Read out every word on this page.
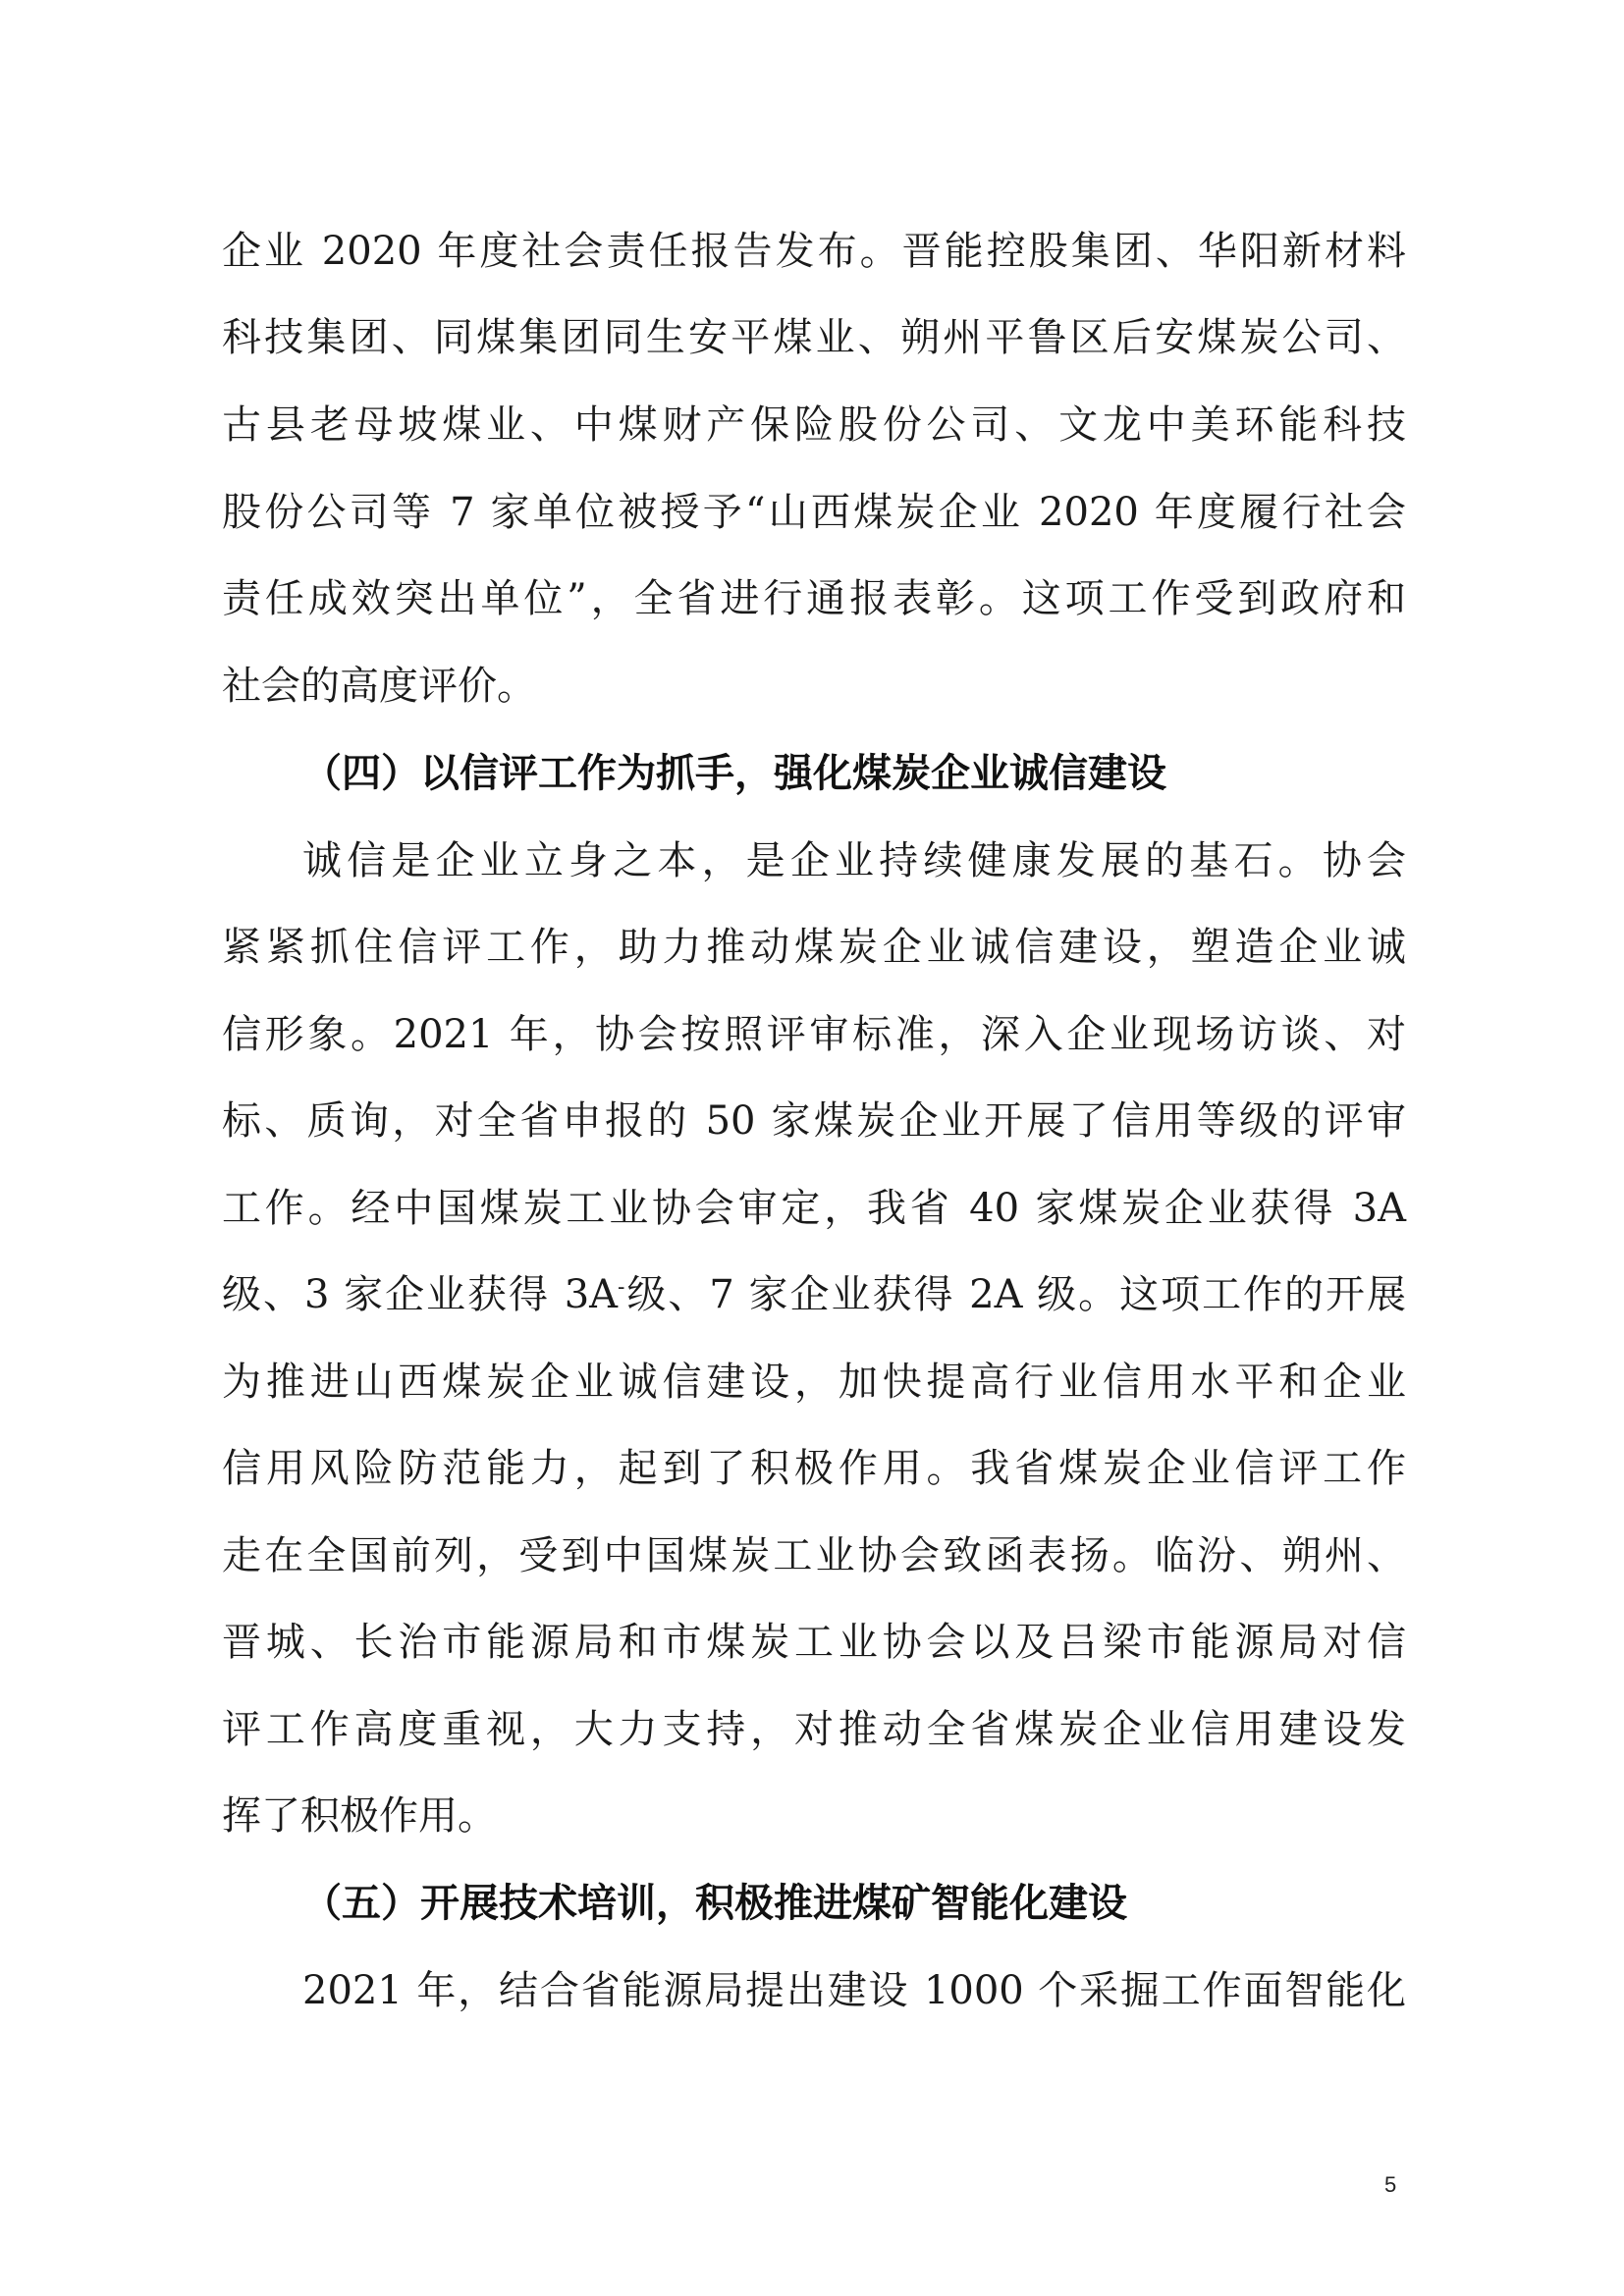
企业 2020 年度社会责任报告发布。晋能控股集团、华阳新材料
科技集团、同煤集团同生安平煤业、朔州平鲁区后安煤炭公司、
古县老母坡煤业、中煤财产保险股份公司、文龙中美环能科技
股份公司等 7 家单位被授予“山西煤炭企业 2020 年度履行社会
责任成效突出单位”，全省进行通报表彰。这项工作受到政府和
社会的高度评价。
（四）以信评工作为抓手，强化煤炭企业诚信建设
诚信是企业立身之本，是企业持续健康发展的基石。协会
紧紧抓住信评工作，助力推动煤炭企业诚信建设，塑造企业诚
信形象。2021 年，协会按照评审标准，深入企业现场访谈、对
标、质询，对全省申报的 50 家煤炭企业开展了信用等级的评审
工作。经中国煤炭工业协会审定，我省 40 家煤炭企业获得 3A
级、3 家企业获得 3A-级、7 家企业获得 2A 级。这项工作的开展
为推进山西煤炭企业诚信建设，加快提高行业信用水平和企业
信用风险防范能力，起到了积极作用。我省煤炭企业信评工作
走在全国前列，受到中国煤炭工业协会致函表扬。临汾、朔州、
晋城、长治市能源局和市煤炭工业协会以及吕梁市能源局对信
评工作高度重视，大力支持，对推动全省煤炭企业信用建设发
挥了积极作用。
（五）开展技术培训，积极推进煤矿智能化建设
2021 年，结合省能源局提出建设 1000 个采掘工作面智能化
5
